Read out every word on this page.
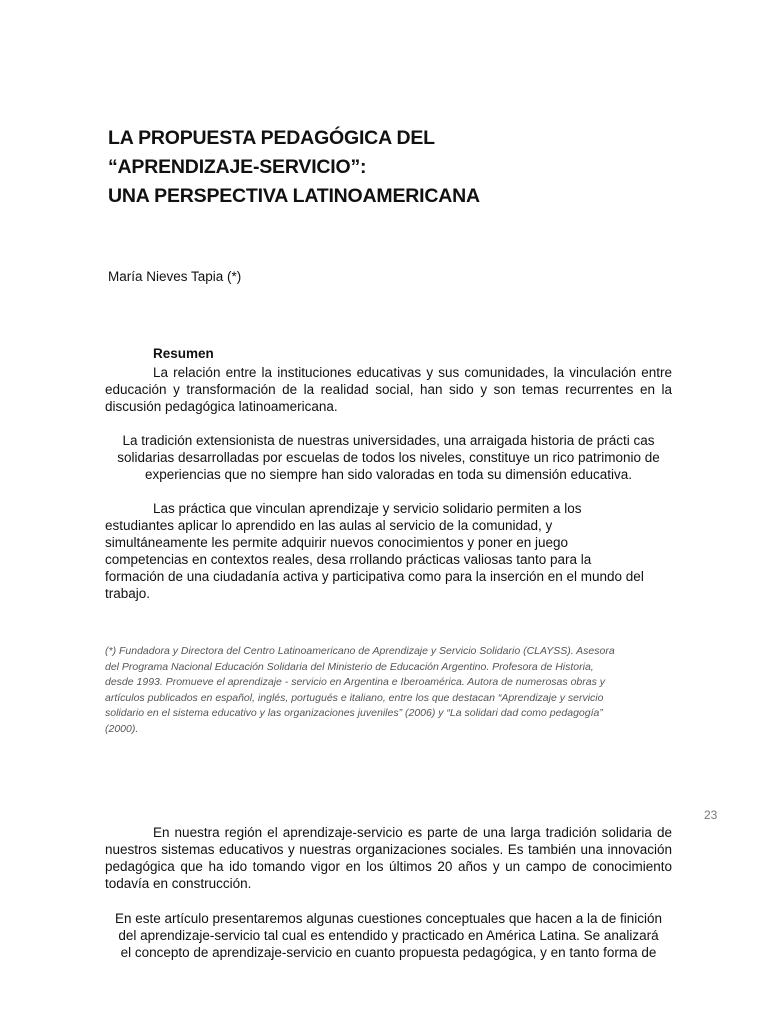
LA PROPUESTA PEDAGÓGICA DEL
“APRENDIZAJE-SERVICIO”:
UNA PERSPECTIVA LATINOAMERICANA
María Nieves Tapia (*)
Resumen
La relación entre la instituciones educativas y sus comunidades, la vinculación entre
educación y transformación de la realidad social, han sido y son temas recurrentes en la
discusión pedagógica latinoamericana.
La tradición extensionista de nuestras universidades, una arraigada historia de prácti cas
solidarias desarrolladas por escuelas de todos los niveles, constituye un rico patrimonio de
experiencias que no siempre han sido valoradas en toda su dimensión educativa.
Las práctica que vinculan aprendizaje y servicio solidario permiten a los
estudiantes aplicar lo aprendido en las aulas al servicio de la comunidad, y
simultáneamente les permite adquirir nuevos conocimientos y poner en juego
competencias en contextos reales, desa rrollando prácticas valiosas tanto para la
formación de una ciudadanía activa y participativa como para la inserción en el mundo del
trabajo.
(*) Fundadora y Directora del Centro Latinoamericano de Aprendizaje y Servicio Solidario (CLAYSS). Asesora
del Programa Nacional Educación Solidaria del Ministerio de Educación Argentino. Profesora de Historia,
desde 1993. Promueve el aprendizaje - servicio en Argentina e Iberoamérica. Autora de numerosas obras y
artículos publicados en español, inglés, portugués e italiano, entre los que destacan “Aprendizaje y servicio
solidario en el sistema educativo y las organizaciones juveniles” (2006) y “La solidari dad como pedagogía”
(2000).
23
En nuestra región el aprendizaje-servicio es parte de una larga tradición solidaria de
nuestros sistemas educativos y nuestras organizaciones sociales. Es también una innovación
pedagógica que ha ido tomando vigor en los últimos 20 años y un campo de conocimiento
todavía en construcción.
En este artículo presentaremos algunas cuestiones conceptuales que hacen a la de finición
del aprendizaje-servicio tal cual es entendido y practicado en América Latina. Se analizará
el concepto de aprendizaje-servicio en cuanto propuesta pedagógica, y en tanto forma de
